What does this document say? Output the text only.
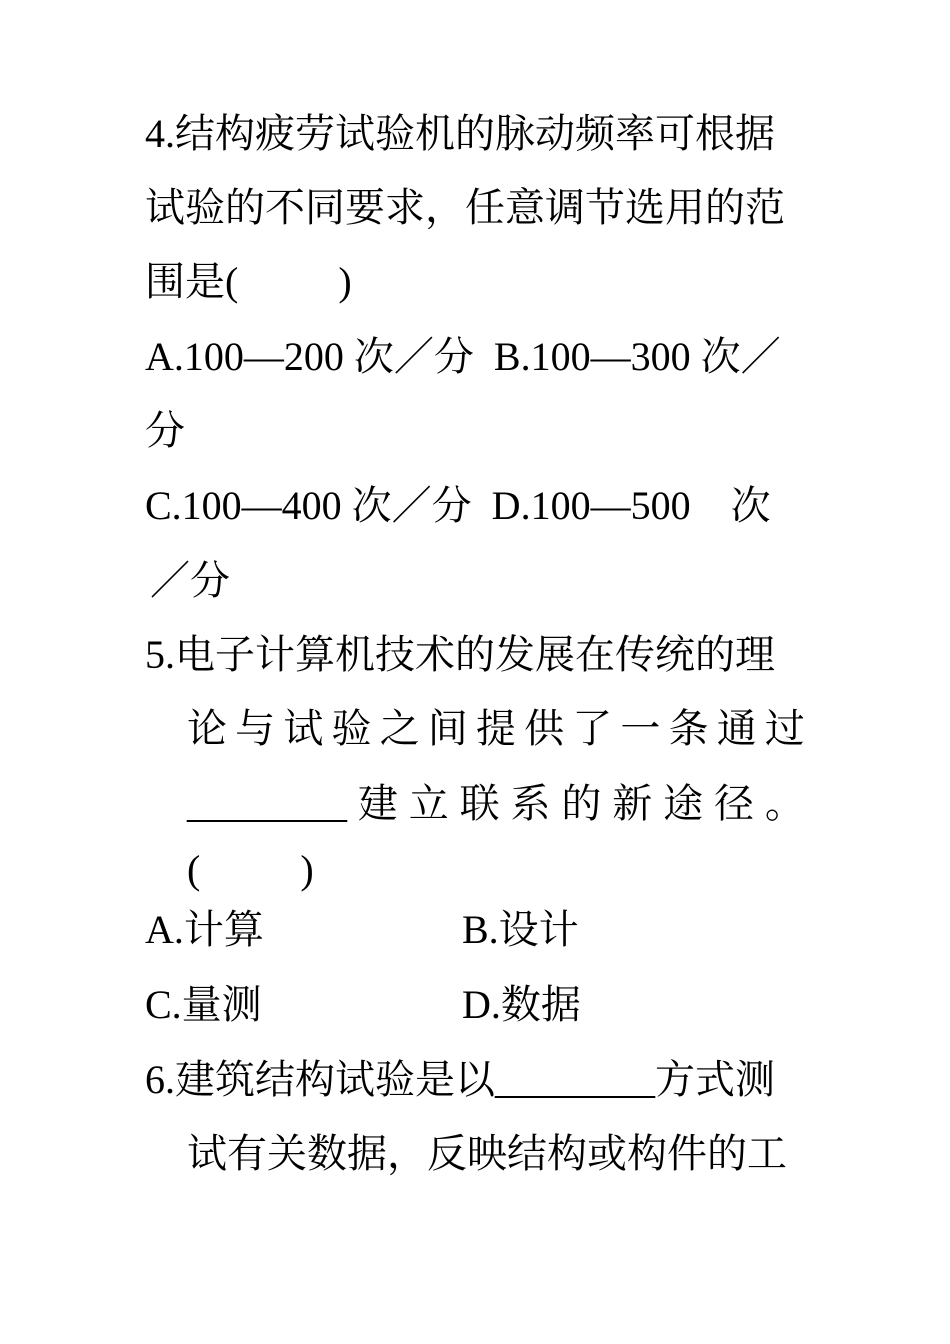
4.结构疲劳试验机的脉动频率可根据
试验的不同要求，任意调节选用的范
围是(          )
A.100—200 次／分  B.100—300 次／
分
C.100—400 次／分  D.100—500    次
／分
5.电子计算机技术的发展在传统的理
论 与 试 验 之 间 提 供 了 一 条 通 过
________ 建 立 联 系 的 新 途 径 。
(          )
A.计算	B.设计
C.量测	D.数据
6.建筑结构试验是以________方式测
试有关数据，反映结构或构件的工
